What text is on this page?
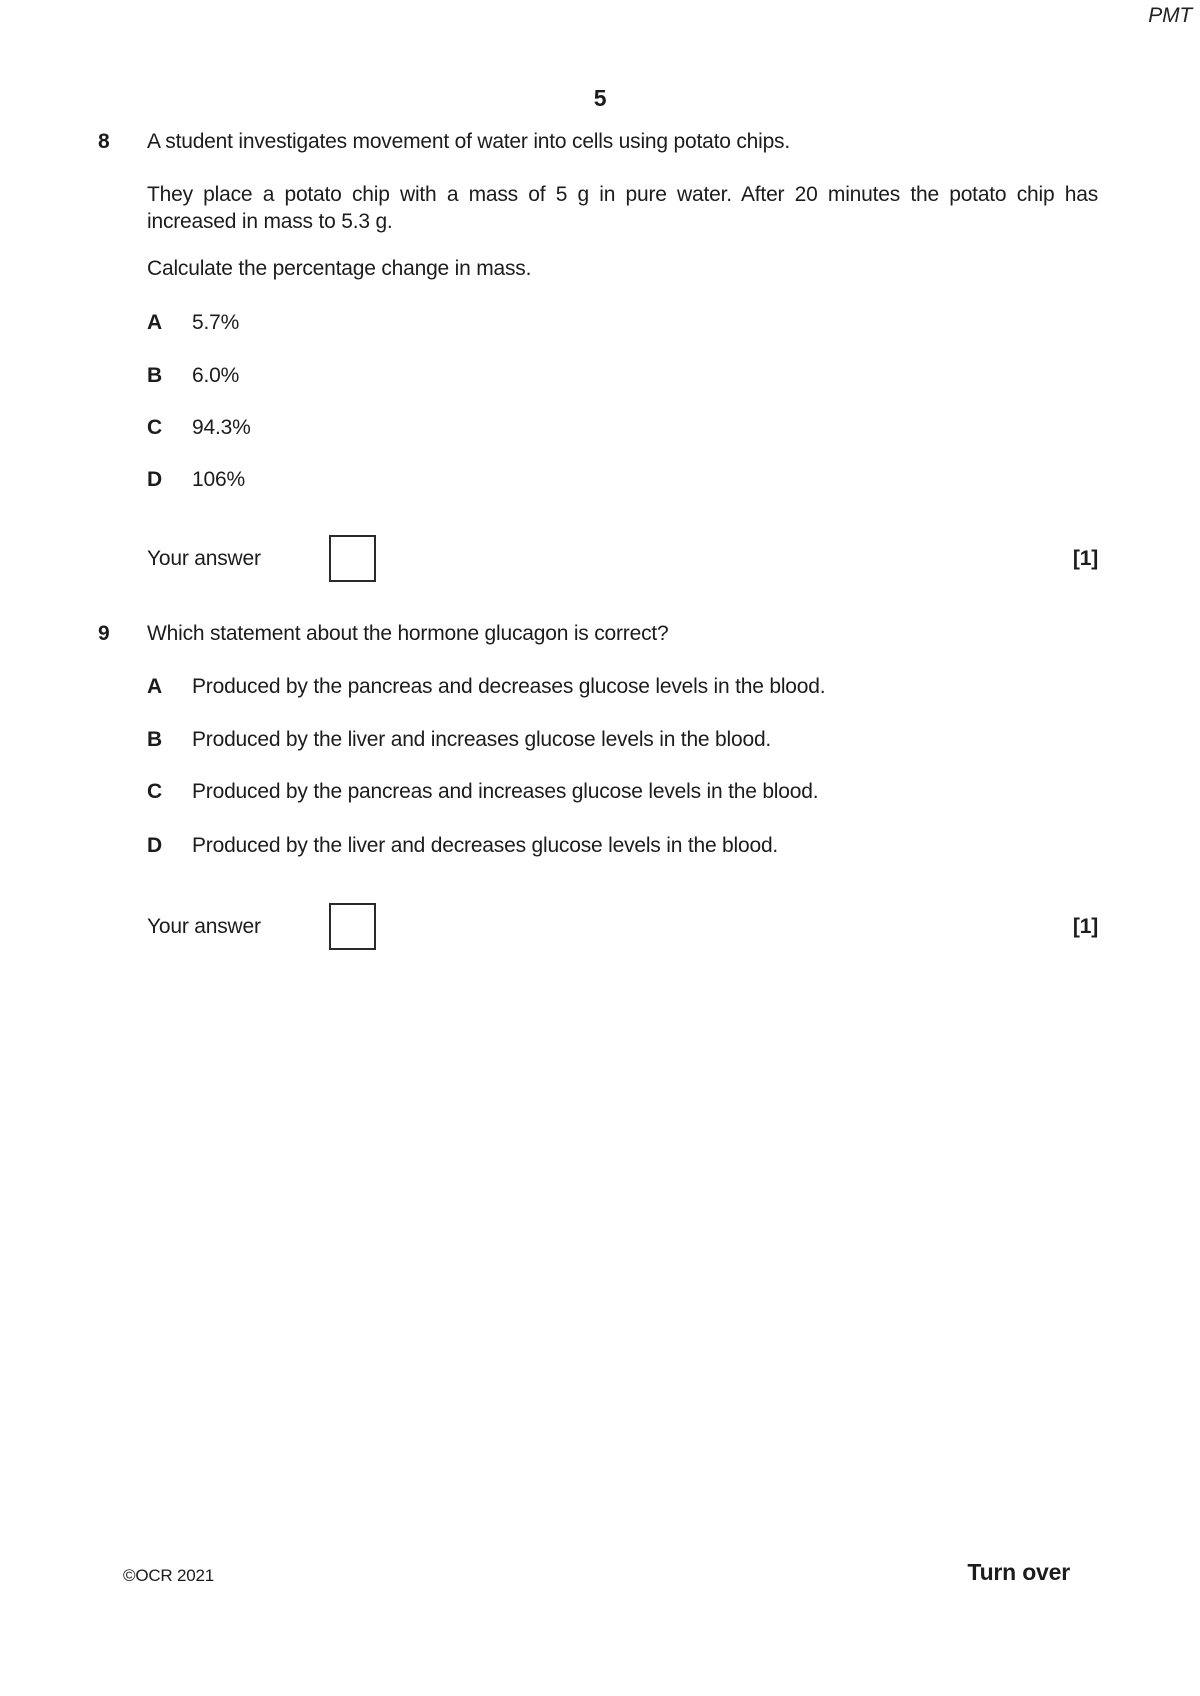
PMT
5
8 A student investigates movement of water into cells using potato chips.
They place a potato chip with a mass of 5 g in pure water. After 20 minutes the potato chip has increased in mass to 5.3 g.
Calculate the percentage change in mass.
A 5.7%
B 6.0%
C 94.3%
D 106%
Your answer	[1]
9 Which statement about the hormone glucagon is correct?
A Produced by the pancreas and decreases glucose levels in the blood.
B Produced by the liver and increases glucose levels in the blood.
C Produced by the pancreas and increases glucose levels in the blood.
D Produced by the liver and decreases glucose levels in the blood.
Your answer	[1]
©OCR 2021	Turn over
